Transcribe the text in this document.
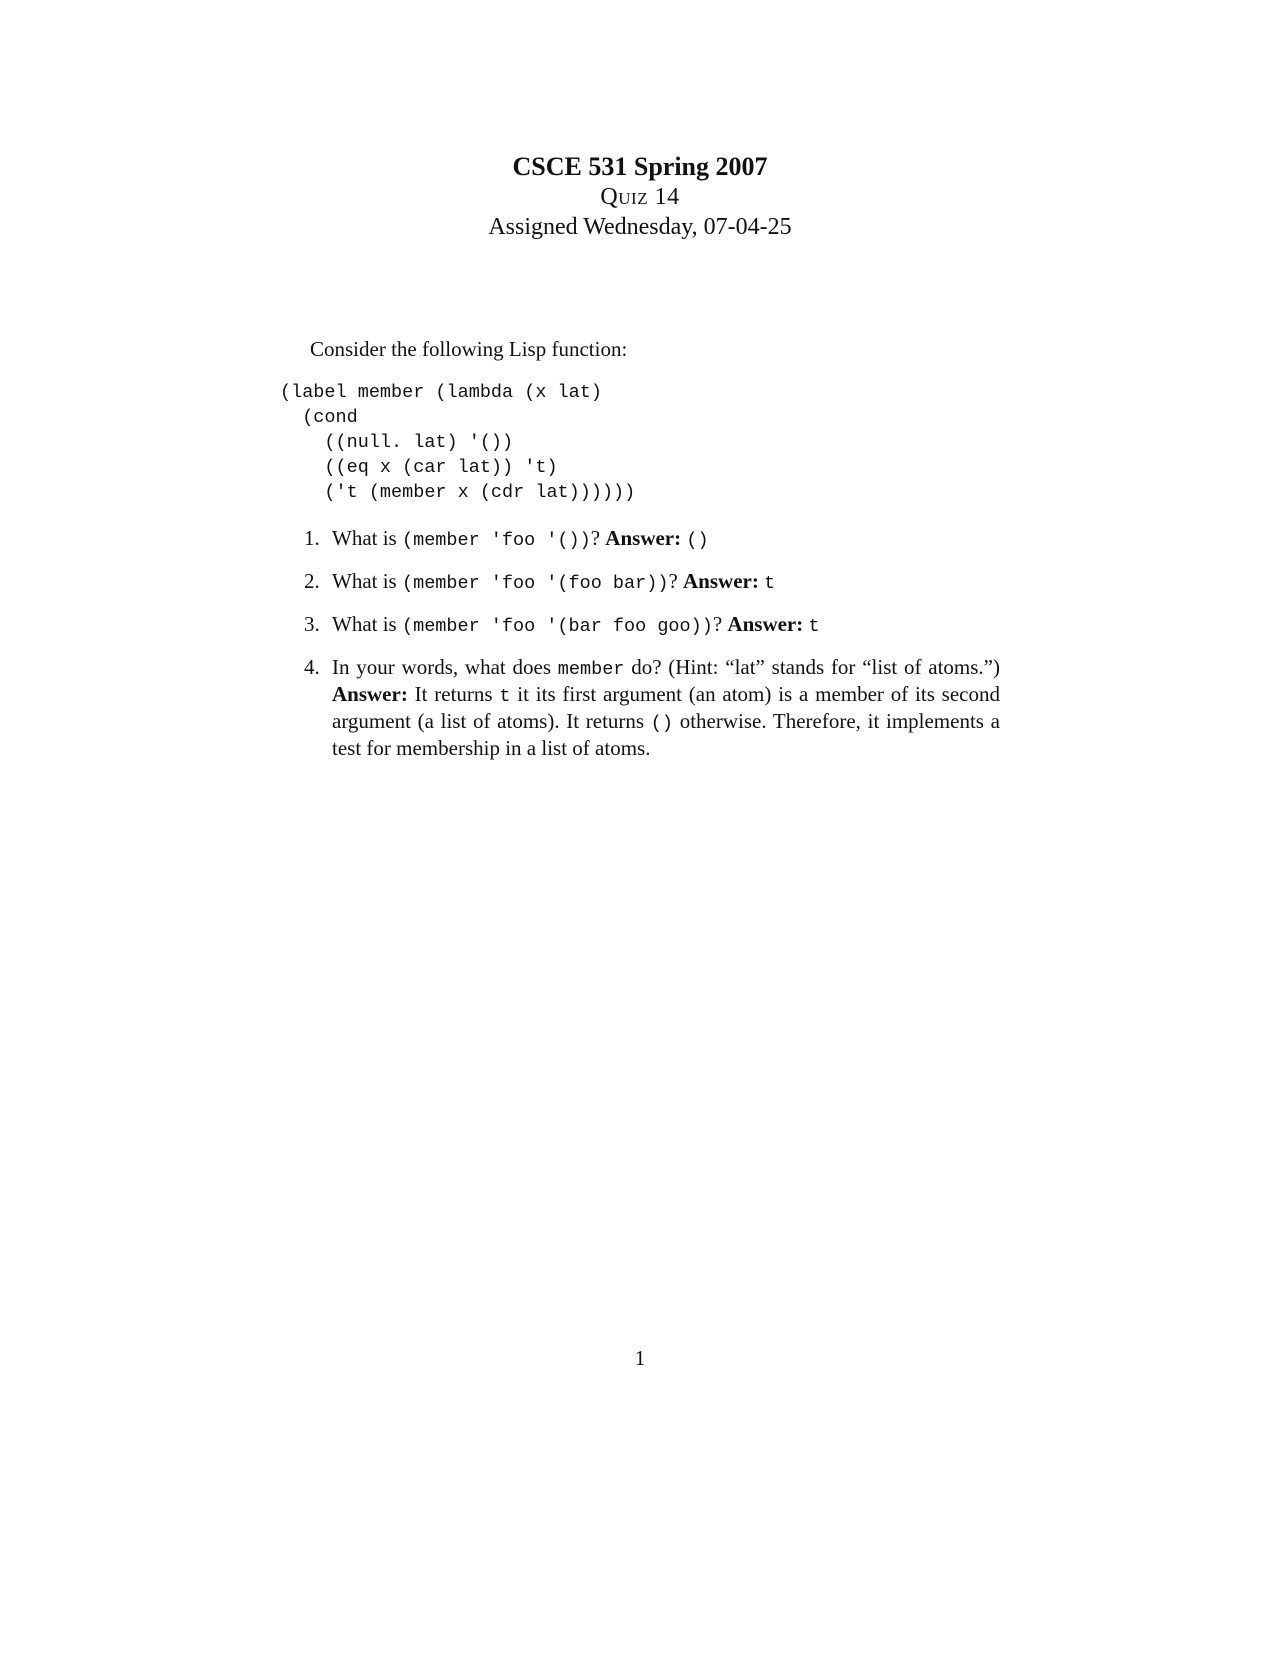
CSCE 531 Spring 2007
Quiz 14
Assigned Wednesday, 07-04-25
Consider the following Lisp function:
(label member (lambda (x lat)
(cond
((null. lat) '())
((eq x (car lat)) 't)
('t (member x (cdr lat))))))
1. What is (member 'foo '())? Answer: ()
2. What is (member 'foo '(foo bar))? Answer: t
3. What is (member 'foo '(bar foo goo))? Answer: t
4. In your words, what does member do? (Hint: “lat” stands for “list of atoms.”) Answer: It returns t it its first argument (an atom) is a member of its second argument (a list of atoms). It returns () otherwise. Therefore, it implements a test for membership in a list of atoms.
1
